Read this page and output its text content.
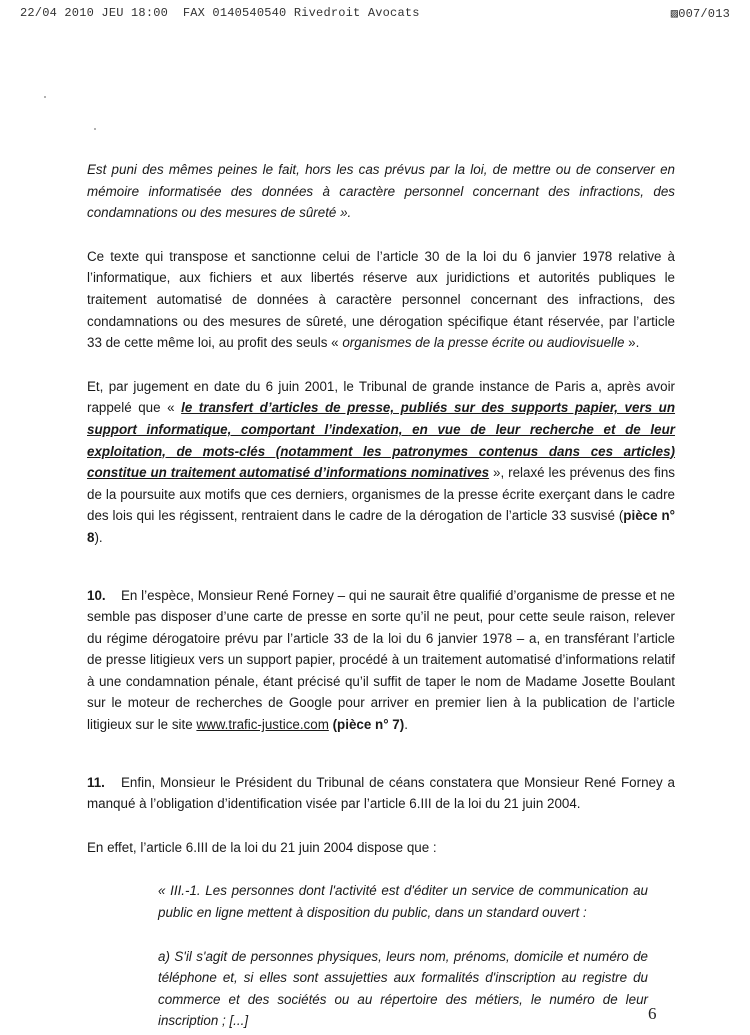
22/04 2010 JEU 18:00  FAX 0140540540 Rivedroit Avocats	▨007/013

Est puni des mêmes peines le fait, hors les cas prévus par la loi, de mettre ou de conserver en mémoire informatisée des données à caractère personnel concernant des infractions, des condamnations ou des mesures de sûreté ».

Ce texte qui transpose et sanctionne celui de l’article 30 de la loi du 6 janvier 1978 relative à l’informatique, aux fichiers et aux libertés réserve aux juridictions et autorités publiques le traitement automatisé de données à caractère personnel concernant des infractions, des condamnations ou des mesures de sûreté, une dérogation spécifique étant réservée, par l’article 33 de cette même loi, au profit des seuls « organismes de la presse écrite ou audiovisuelle ».

Et, par jugement en date du 6 juin 2001, le Tribunal de grande instance de Paris a, après avoir rappelé que « le transfert d’articles de presse, publiés sur des supports papier, vers un support informatique, comportant l’indexation, en vue de leur recherche et de leur exploitation, de mots-clés (notamment les patronymes contenus dans ces articles) constitue un traitement automatisé d’informations nominatives », relaxé les prévenus des fins de la poursuite aux motifs que ces derniers, organismes de la presse écrite exerçant dans le cadre des lois qui les régissent, rentraient dans le cadre de la dérogation de l’article 33 susvisé (pièce n° 8).

10. En l’espèce, Monsieur René Forney – qui ne saurait être qualifié d’organisme de presse et ne semble pas disposer d’une carte de presse en sorte qu’il ne peut, pour cette seule raison, relever du régime dérogatoire prévu par l’article 33 de la loi du 6 janvier 1978 – a, en transférant l’article de presse litigieux vers un support papier, procédé à un traitement automatisé d’informations relatif à une condamnation pénale, étant précisé qu’il suffit de taper le nom de Madame Josette Boulant sur le moteur de recherches de Google pour arriver en premier lien à la publication de l’article litigieux sur le site www.trafic-justice.com (pièce n° 7).

11. Enfin, Monsieur le Président du Tribunal de céans constatera que Monsieur René Forney a manqué à l’obligation d’identification visée par l’article 6.III de la loi du 21 juin 2004.

En effet, l’article 6.III de la loi du 21 juin 2004 dispose que :

« III.-1. Les personnes dont l'activité est d'éditer un service de communication au public en ligne mettent à disposition du public, dans un standard ouvert :

a) S'il s'agit de personnes physiques, leurs nom, prénoms, domicile et numéro de téléphone et, si elles sont assujetties aux formalités d'inscription au registre du commerce et des sociétés ou au répertoire des métiers, le numéro de leur inscription ; [...]	6
